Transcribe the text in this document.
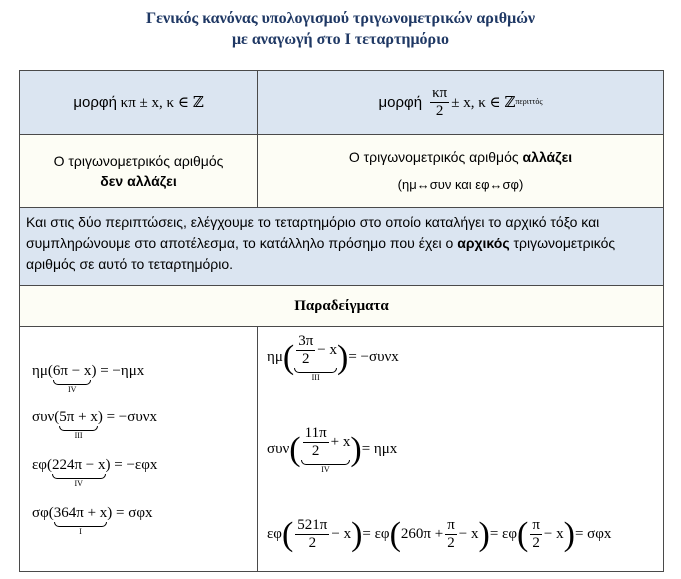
Γενικός κανόνας υπολογισμού τριγωνομετρικών αριθμών
με αναγωγή στο Ι τεταρτημόριο
μορφή κπ ± x, κ ∈ ℤ	μορφή $\frac{\kappa\pi}{2} \pm x$, κ ∈ ℤ περιττός
Ο τριγωνομετρικός αριθμός
δεν αλλάζει
Ο τριγωνομετρικός αριθμός αλλάζει
(ημ↔συν και εφ↔σφ)
Και στις δύο περιπτώσεις, ελέγχουμε το τεταρτημόριο στο οποίο καταλήγει το αρχικό τόξο και συμπληρώνουμε στο αποτέλεσμα, το κατάλληλο πρόσημο που έχει ο αρχικός τριγωνομετρικός αριθμός σε αυτό το τεταρτημόριο.
Παραδείγματα
ημ( 6π − x
IV
) = −ημx
συν( 5π + x
III
) = −συνx
εφ( 224π − x
IV
) = −εφx
σφ( 364π + x
I
) = σφx
ημ ( $\frac{3\pi}{2} - x$
III
) = −συνx
συν ( $\frac{11\pi}{2} + x$
IV
) = ημx
εφ ( $\frac{521\pi}{2} - x$ ) = εφ ( $260\pi + \frac{\pi}{2} - x$ ) = εφ ( $\frac{\pi}{2} - x$ ) = σφx
